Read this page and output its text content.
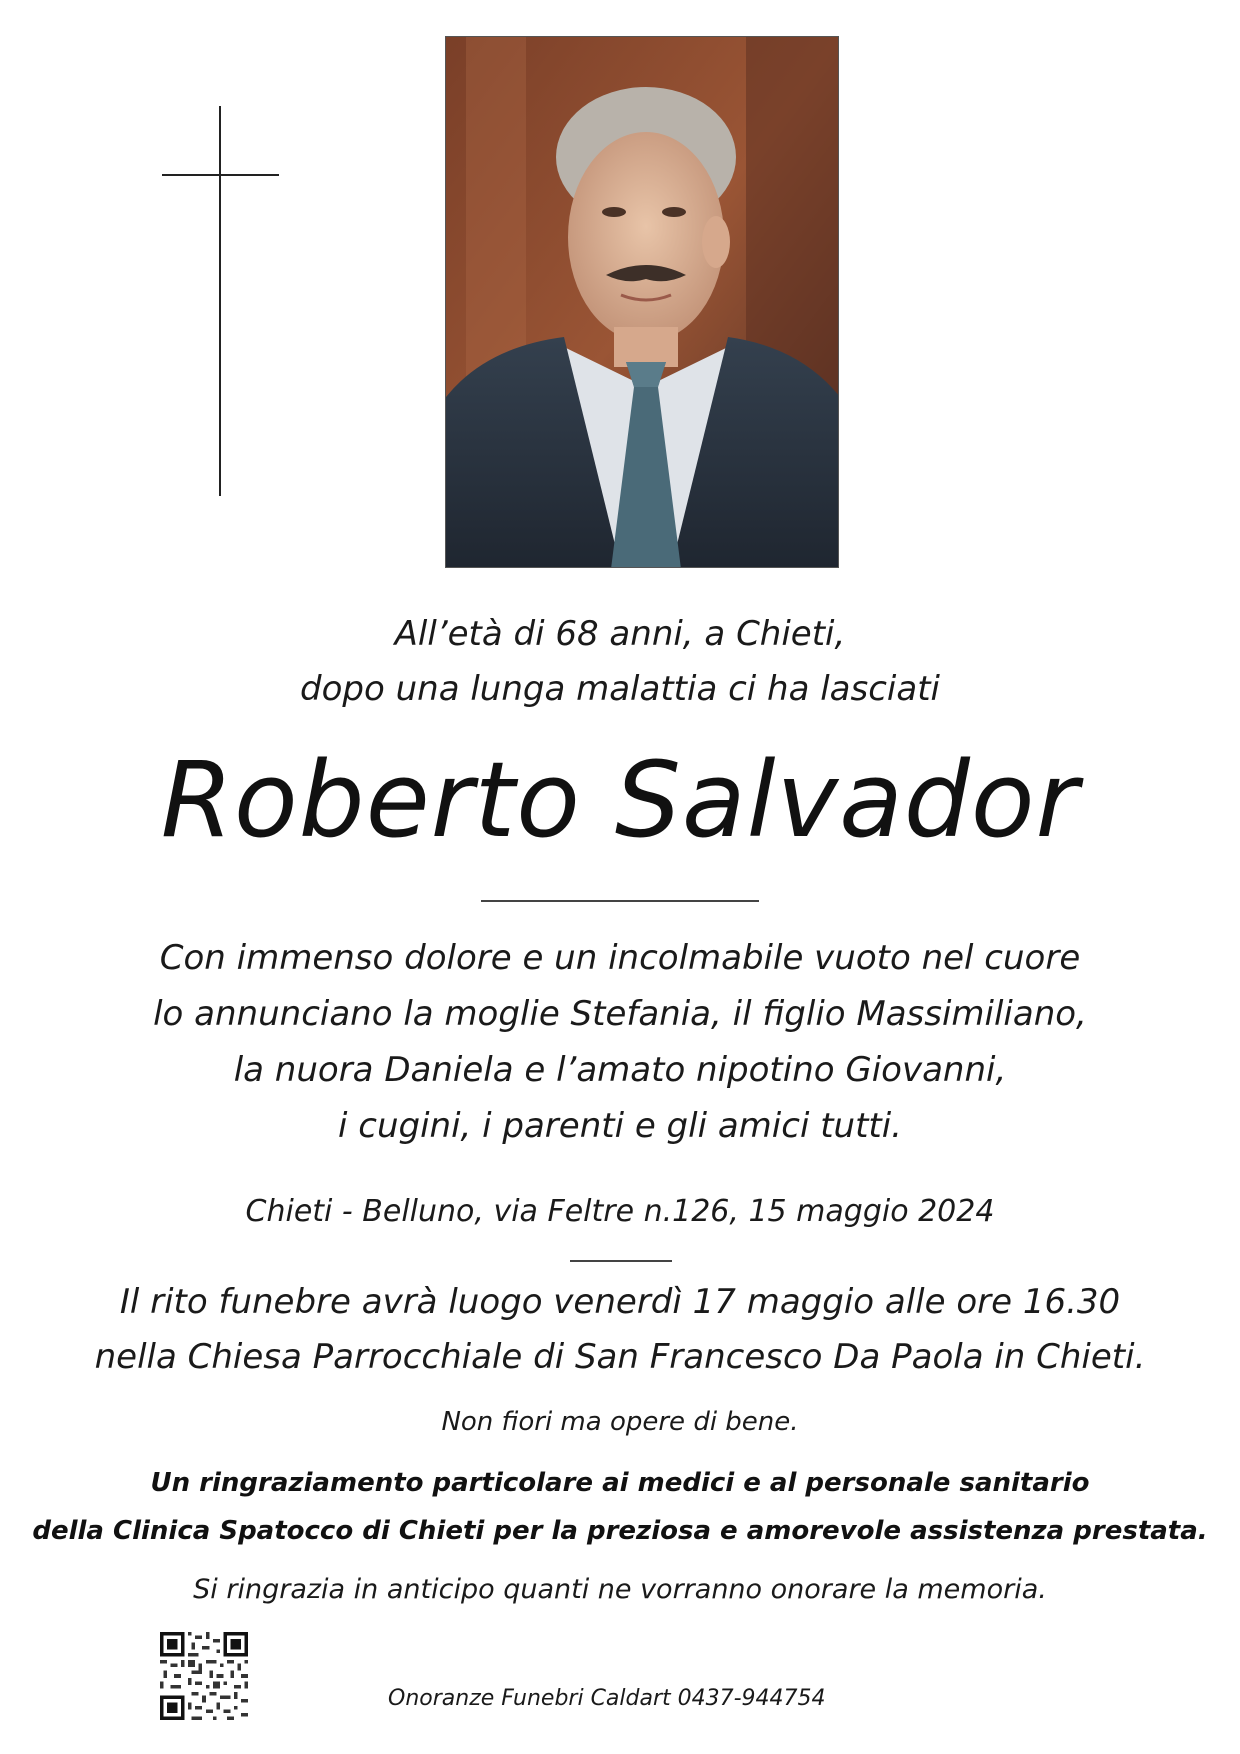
All’età di 68 anni, a Chieti,
dopo una lunga malattia ci ha lasciati
Roberto Salvador
Con immenso dolore e un incolmabile vuoto nel cuore
lo annunciano la moglie Stefania, il figlio Massimiliano,
la nuora Daniela e l’amato nipotino Giovanni,
i cugini, i parenti e gli amici tutti.
Chieti - Belluno, via Feltre n.126, 15 maggio 2024
Il rito funebre avrà luogo venerdì 17 maggio alle ore 16.30
nella Chiesa Parrocchiale di San Francesco Da Paola in Chieti.
Non fiori ma opere di bene.
Un ringraziamento particolare ai medici e al personale sanitario
della Clinica Spatocco di Chieti per la preziosa e amorevole assistenza prestata.
Si ringrazia in anticipo quanti ne vorranno onorare la memoria.
Onoranze Funebri Caldart 0437-944754
